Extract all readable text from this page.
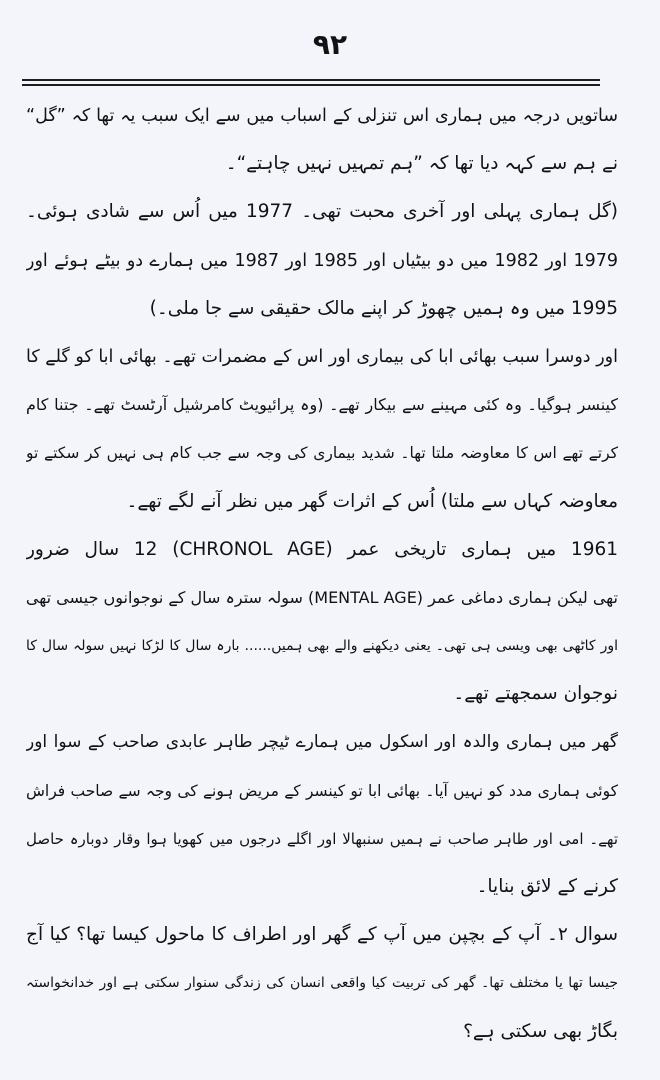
۹۲
ساتویں درجہ میں ہماری اس تنزلی کے اسباب میں سے ایک سبب یہ تھا کہ ”گل“
نے ہم سے کہہ دیا تھا کہ ”ہم تمہیں نہیں چاہتے“۔
(گل ہماری پہلی اور آخری محبت تھی۔ 1977 میں اُس سے شادی ہوئی۔
1979 اور 1982 میں دو بیٹیاں اور 1985 اور 1987 میں ہمارے دو بیٹے ہوئے اور
1995 میں وہ ہمیں چھوڑ کر اپنے مالک حقیقی سے جا ملی۔)
اور دوسرا سبب بھائی ابا کی بیماری اور اس کے مضمرات تھے۔ بھائی ابا کو گلے کا
کینسر ہوگیا۔ وہ کئی مہینے سے بیکار تھے۔ (وہ پرائیویٹ کامرشیل آرٹسٹ تھے۔ جتنا کام
کرتے تھے اس کا معاوضہ ملتا تھا۔ شدید بیماری کی وجہ سے جب کام ہی نہیں کر سکتے تو
معاوضہ کہاں سے ملتا) اُس کے اثرات گھر میں نظر آنے لگے تھے۔
1961 میں ہماری تاریخی عمر (CHRONOL AGE) 12 سال ضرور
تھی لیکن ہماری دماغی عمر (MENTAL AGE) سولہ سترہ سال کے نوجوانوں جیسی تھی
اور کاٹھی بھی ویسی ہی تھی۔ یعنی دیکھنے والے بھی ہمیں...... بارہ سال کا لڑکا نہیں سولہ سال کا
نوجوان سمجھتے تھے۔
گھر میں ہماری والدہ اور اسکول میں ہمارے ٹیچر طاہر عابدی صاحب کے سوا اور
کوئی ہماری مدد کو نہیں آیا۔ بھائی ابا تو کینسر کے مریض ہونے کی وجہ سے صاحب فراش
تھے۔ امی اور طاہر صاحب نے ہمیں سنبھالا اور اگلے درجوں میں کھویا ہوا وقار دوبارہ حاصل
کرنے کے لائق بنایا۔
سوال ۲۔ آپ کے بچپن میں آپ کے گھر اور اطراف کا ماحول کیسا تھا؟ کیا آج
جیسا تھا یا مختلف تھا۔ گھر کی تربیت کیا واقعی انسان کی زندگی سنوار سکتی ہے اور خدانخواستہ
بگاڑ بھی سکتی ہے؟
